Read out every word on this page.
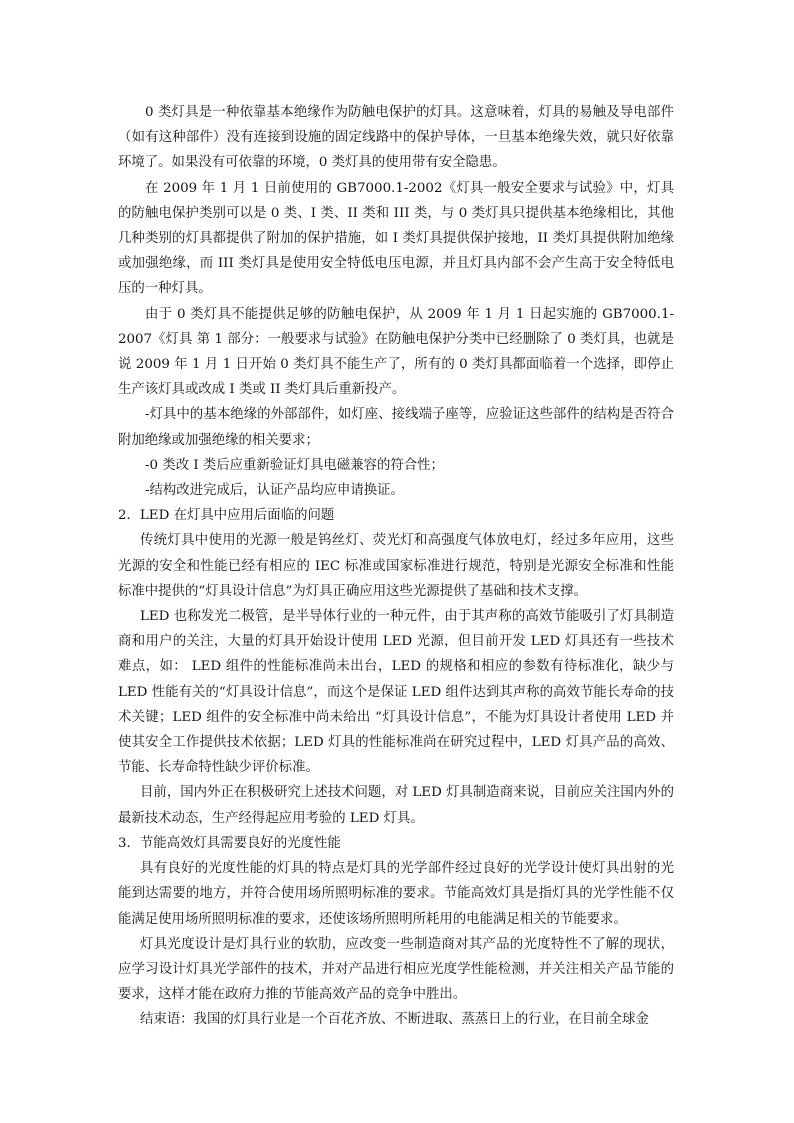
0 类灯具是一种依靠基本绝缘作为防触电保护的灯具。这意味着，灯具的易触及导电部件（如有这种部件）没有连接到设施的固定线路中的保护导体，一旦基本绝缘失效，就只好依靠环境了。如果没有可依靠的环境，0 类灯具的使用带有安全隐患。

在 2009 年 1 月 1 日前使用的 GB7000.1-2002《灯具一般安全要求与试验》中，灯具的防触电保护类别可以是 0 类、I 类、II 类和 III 类，与 0 类灯具只提供基本绝缘相比，其他几种类别的灯具都提供了附加的保护措施，如 I 类灯具提供保护接地，II 类灯具提供附加绝缘或加强绝缘，而 III 类灯具是使用安全特低电压电源，并且灯具内部不会产生高于安全特低电压的一种灯具。

由于 0 类灯具不能提供足够的防触电保护，从 2009 年 1 月 1 日起实施的 GB7000.1-2007《灯具 第 1 部分：一般要求与试验》在防触电保护分类中已经删除了 0 类灯具，也就是说 2009 年 1 月 1 日开始 0 类灯具不能生产了，所有的 0 类灯具都面临着一个选择，即停止生产该灯具或改成 I 类或 II 类灯具后重新投产。

-灯具中的基本绝缘的外部部件，如灯座、接线端子座等，应验证这些部件的结构是否符合附加绝缘或加强绝缘的相关要求；

-0 类改 I 类后应重新验证灯具电磁兼容的符合性；

-结构改进完成后，认证产品均应申请换证。

2．LED 在灯具中应用后面临的问题

传统灯具中使用的光源一般是钨丝灯、荧光灯和高强度气体放电灯，经过多年应用，这些光源的安全和性能已经有相应的 IEC 标准或国家标准进行规范，特别是光源安全标准和性能标准中提供的“灯具设计信息”为灯具正确应用这些光源提供了基础和技术支撑。

LED 也称发光二极管，是半导体行业的一种元件，由于其声称的高效节能吸引了灯具制造商和用户的关注，大量的灯具开始设计使用 LED 光源，但目前开发 LED 灯具还有一些技术难点，如： LED 组件的性能标准尚未出台，LED 的规格和相应的参数有待标准化，缺少与 LED 性能有关的“灯具设计信息”，而这个是保证 LED 组件达到其声称的高效节能长寿命的技术关键；LED 组件的安全标准中尚未给出 “灯具设计信息”，不能为灯具设计者使用 LED 并使其安全工作提供技术依据；LED 灯具的性能标准尚在研究过程中，LED 灯具产品的高效、节能、长寿命特性缺少评价标准。

目前，国内外正在积极研究上述技术问题，对 LED 灯具制造商来说，目前应关注国内外的最新技术动态，生产经得起应用考验的 LED 灯具。

3．节能高效灯具需要良好的光度性能

具有良好的光度性能的灯具的特点是灯具的光学部件经过良好的光学设计使灯具出射的光能到达需要的地方，并符合使用场所照明标准的要求。节能高效灯具是指灯具的光学性能不仅能满足使用场所照明标准的要求，还使该场所照明所耗用的电能满足相关的节能要求。

灯具光度设计是灯具行业的软肋，应改变一些制造商对其产品的光度特性不了解的现状，应学习设计灯具光学部件的技术，并对产品进行相应光度学性能检测，并关注相关产品节能的要求，这样才能在政府力推的节能高效产品的竞争中胜出。

结束语：我国的灯具行业是一个百花齐放、不断进取、蒸蒸日上的行业，在目前全球金
